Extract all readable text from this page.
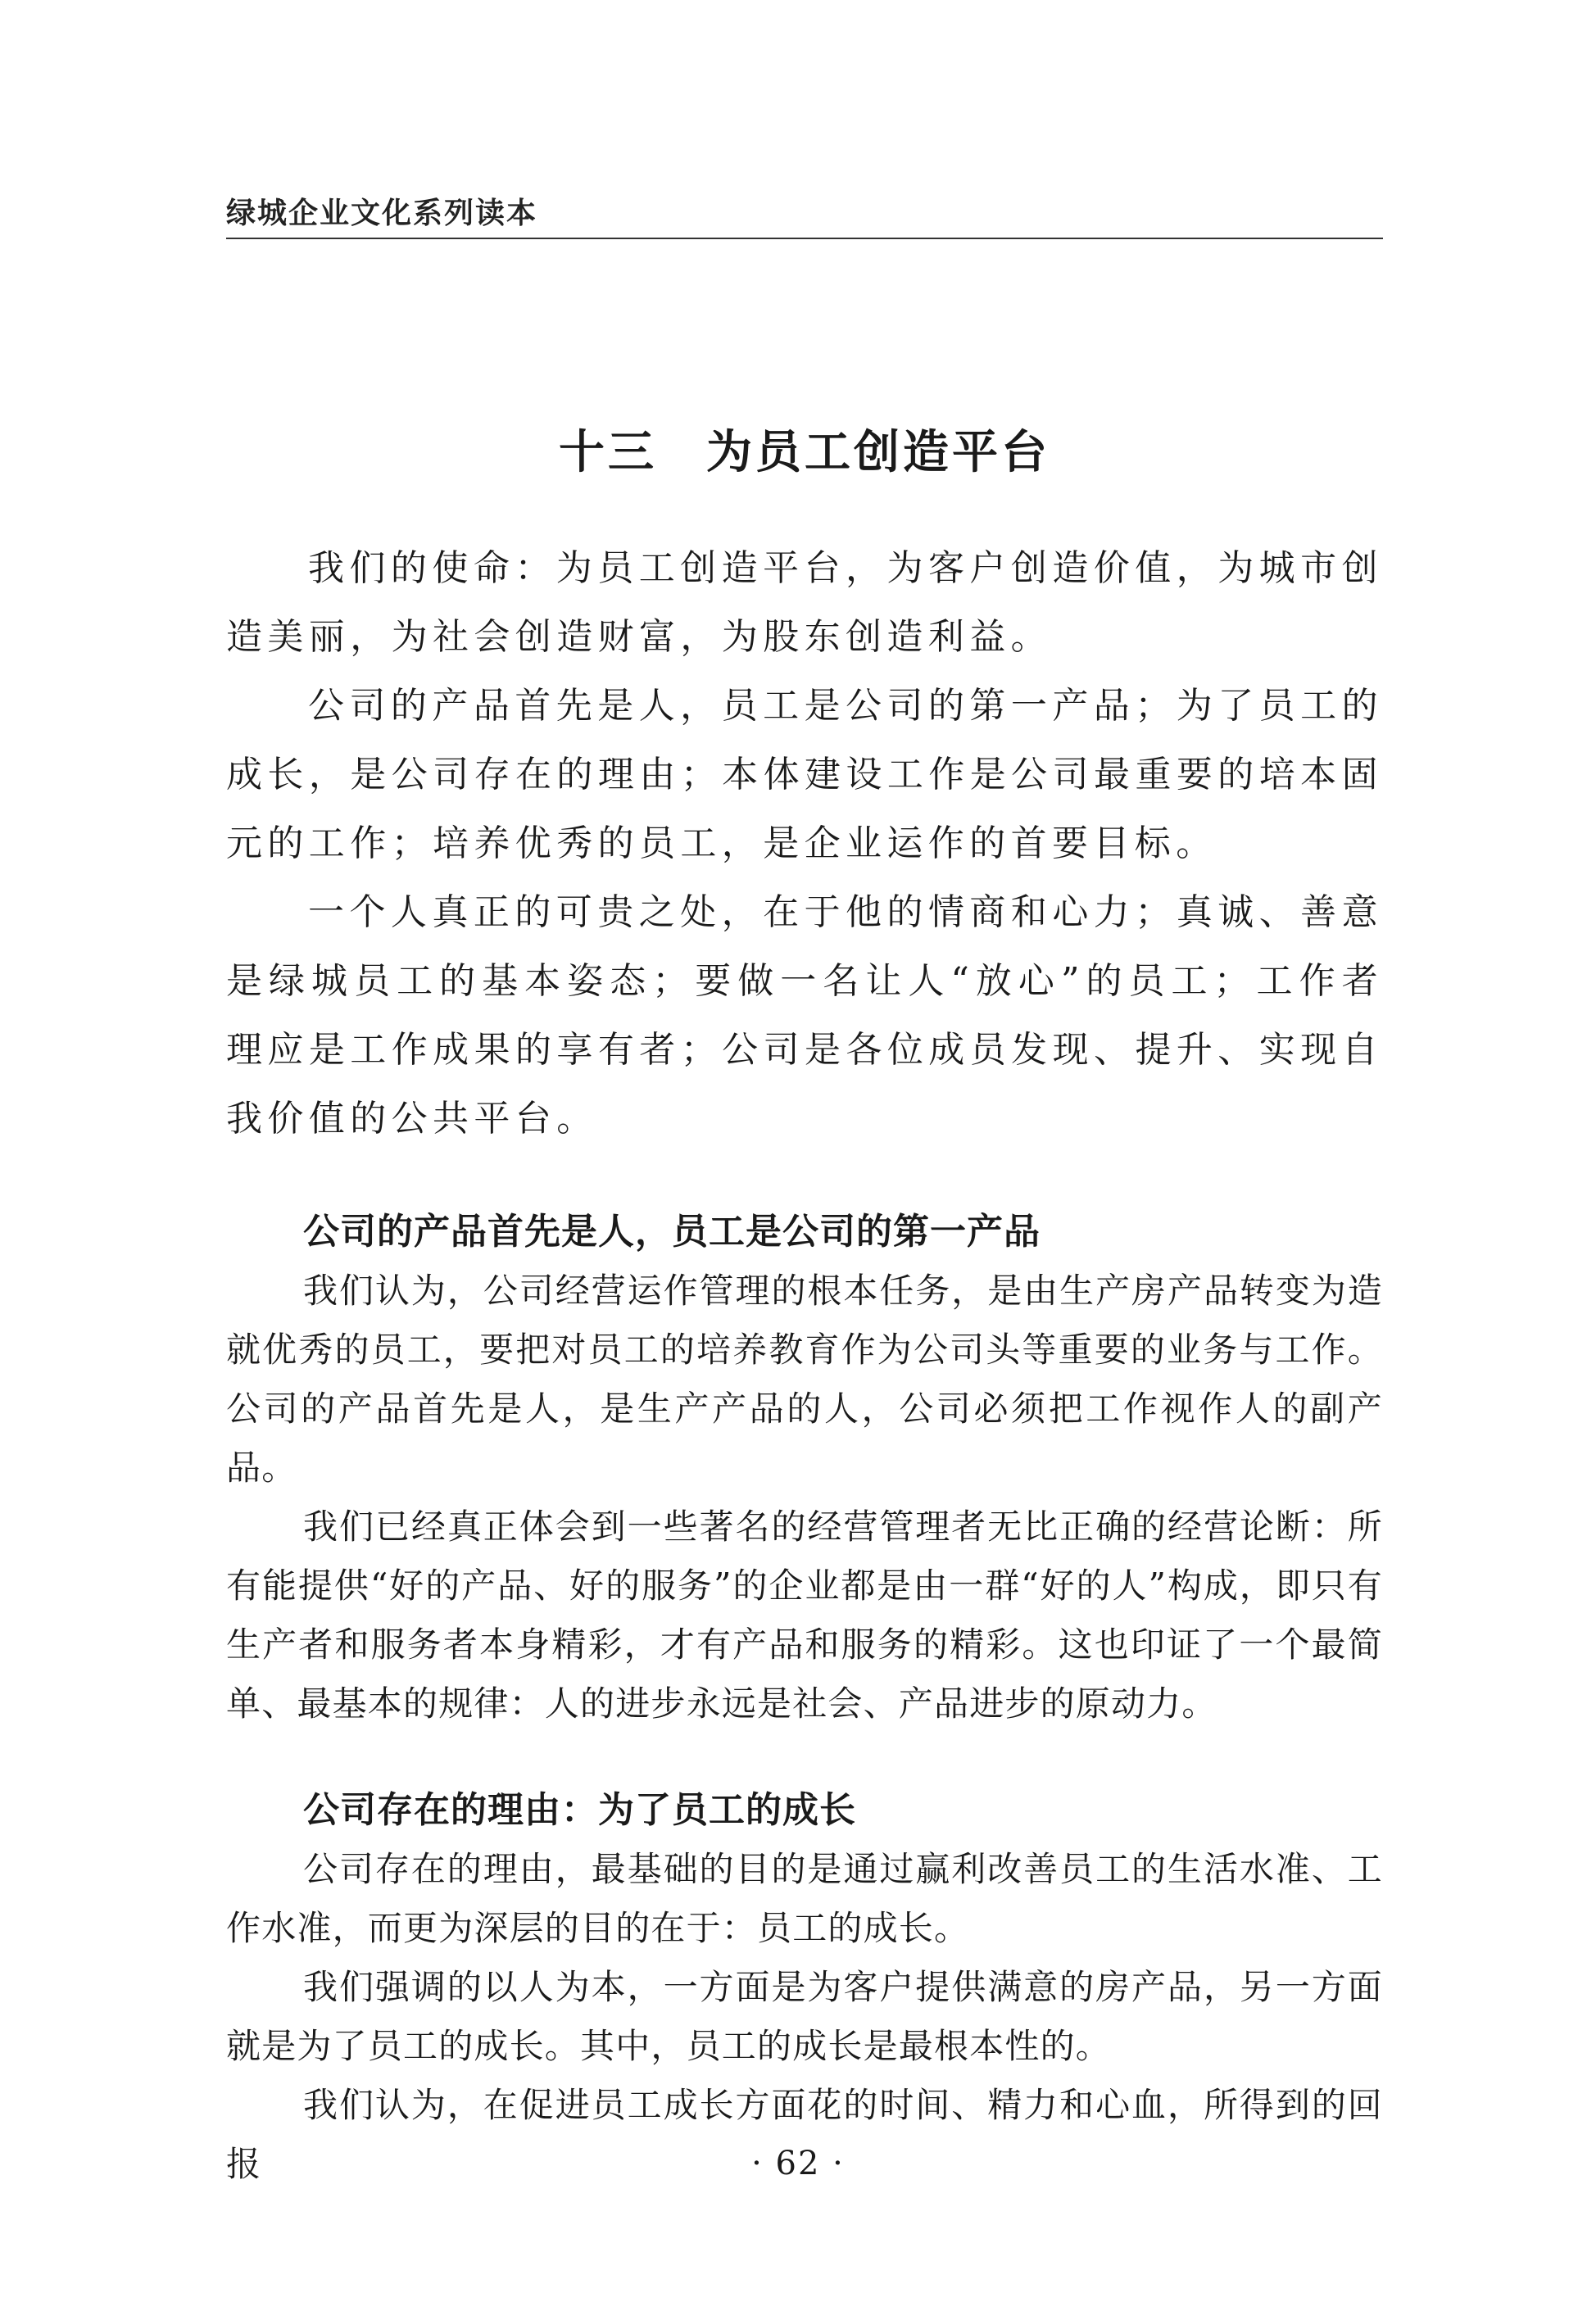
绿城企业文化系列读本
十三 为员工创造平台

我们的使命：为员工创造平台，为客户创造价值，为城市创造美丽，为社会创造财富，为股东创造利益。

公司的产品首先是人，员工是公司的第一产品；为了员工的成长，是公司存在的理由；本体建设工作是公司最重要的培本固元的工作；培养优秀的员工，是企业运作的首要目标。

一个人真正的可贵之处，在于他的情商和心力；真诚、善意是绿城员工的基本姿态；要做一名让人“放心”的员工；工作者理应是工作成果的享有者；公司是各位成员发现、提升、实现自我价值的公共平台。

公司的产品首先是人，员工是公司的第一产品

我们认为，公司经营运作管理的根本任务，是由生产房产品转变为造就优秀的员工，要把对员工的培养教育作为公司头等重要的业务与工作。公司的产品首先是人，是生产产品的人，公司必须把工作视作人的副产品。

我们已经真正体会到一些著名的经营管理者无比正确的经营论断：所有能提供“好的产品、好的服务”的企业都是由一群“好的人”构成，即只有生产者和服务者本身精彩，才有产品和服务的精彩。这也印证了一个最简单、最基本的规律：人的进步永远是社会、产品进步的原动力。

公司存在的理由：为了员工的成长

公司存在的理由，最基础的目的是通过赢利改善员工的生活水准、工作水准，而更为深层的目的在于：员工的成长。

我们强调的以人为本，一方面是为客户提供满意的房产品，另一方面就是为了员工的成长。其中，员工的成长是最根本性的。

我们认为，在促进员工成长方面花的时间、精力和心血，所得到的回报	· 62 ·
